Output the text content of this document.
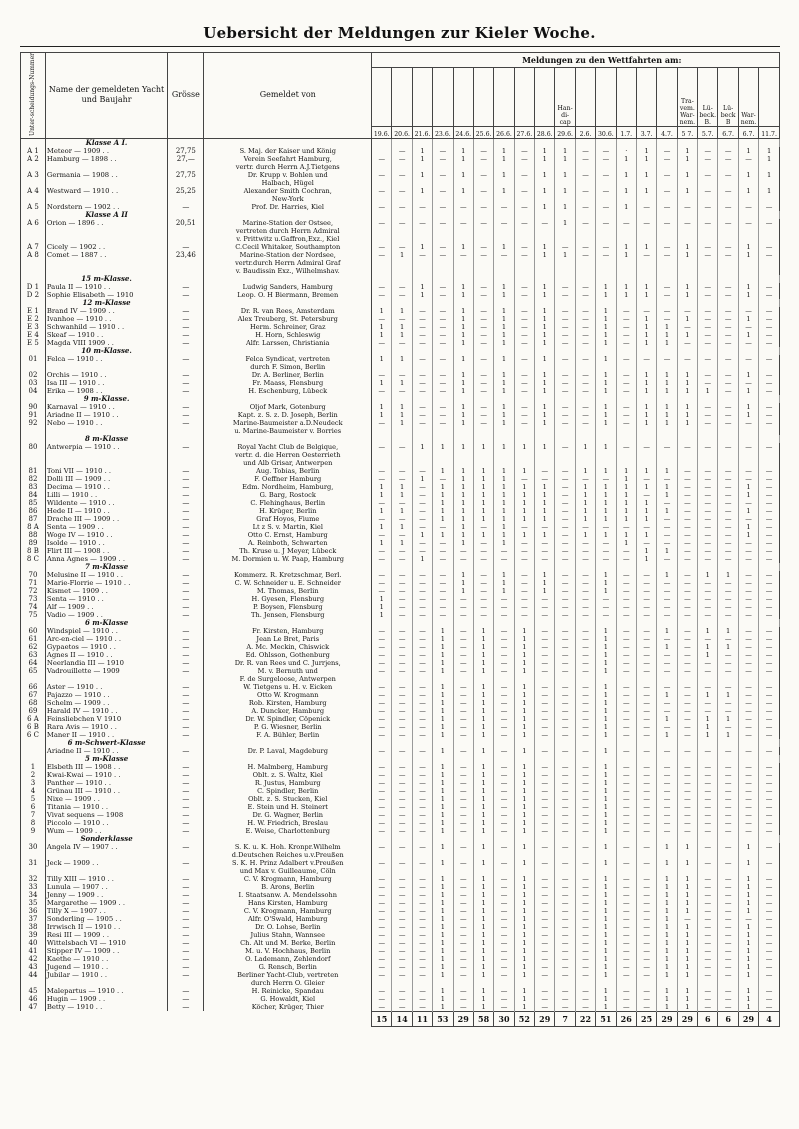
Uebersicht der Meldungen zur Kieler Woche.
Unter-scheidungs-Nummer	Name der gemeldeten Yacht und Baujahr	Grösse	Gemeldet von	Meldungen zu den Wettfahrten am:																			
													Han-di-cap						Tra-vem. War-nem.	Lü-beck. B.	Lü-beck B	War-nem.	
				19.6.	20.6.	21.6.	23.6.	24.6.	25.6.	26.6.	27.6.	28.6.	29.6.	2.6.	30.6.	1.7.	3.7.	4.7.	5 7.	5.7.	6.7.	6.7.	11.7.
	Klasse A I.																						
A 1	Meteor — 1909 . .	27,75	S. Maj. der Kaiser und König		—	1	—	1	—	1	—	1	1	—	—	·	1	—	1	—	—	1	1
A 2	Hamburg — 1898 . .	27,—	Verein Seefahrt Hamburg,	—	—	1	—	1	—	1	—	1	1	—	—	1	1	—	1	—	—	—	1
			vertr. durch Herrn A.J.Tietgens																				
A 3	Germania — 1908 . .	27,75	Dr. Krupp v. Bohlen und	—	—	1	—	1	—	1	—	1	1	—	—	1	1	—	1	—	—	1	1
			Halbach, Hügel																				
A 4	Westward — 1910 . .	25,25	Alexander Smith Cochran,	—	—	1	—	1	—	1	—	1	1	—	—	1	1	—	1	—	—	1	1
			New-York																				
A 5	Nordstern — 1902 . .	—	Prof. Dr. Harries, Kiel	—	—	—	—	—	—	—	—	1	1	—	—	1	—	—	—	—	—	—	—
	Klasse A II																						
A 6	Orion — 1896 . .	20,51	Marine-Station der Ostsee,	—	—	—	—	—	—	—	—	—	1	—	—	—	—	—	—	—	—	—	—
			vertreten durch Herrn Admiral																				
			v. Prittwitz u.Gaffron,Exz., Kiel																				
A 7	Cicely — 1902 . .	—	C.Cecil Whitaker, Southampton	—	—	1	—	1	—	1	—	1	—	—	—	1	1	—	1	—	—	1	—
A 8	Comet — 1887 . .	23,46	Marine-Station der Nordsee,	—	1	—	—	—	—	—	—	1	1	—	—	1	—	—	1	—	—	1	—
			vertr.durch Herrn Admiral Graf																				
			v. Baudissin Exz., Wilhelmshav.																				
	15 m-Klasse.																						
D 1	Paula II — 1910 . .	—	Ludwig Sanders, Hamburg	—	—	1	—	1	—	1	—	1	—	—	1	1	1	—	1	—	—	1	—
D 2	Sophie Elisabeth — 1910	—	Leop. O. H Biermann, Bremen	—	—	1	—	1	—	1	—	1	—	—	1	1	1	—	1	—	—	1	—
	12 m-Klasse																						
E 1	Brand IV — 1909 . .	—	Dr. R. van Rees, Amsterdam	1	1	—	—	1	—	1	—	1	—	—	1	—	—	—	—	—	—	—	—
E 2	Ivanhoe — 1910 . .	—	Alex Treuberg, St. Petersburg	—	—	—	—	1	—	1	—	1	—	—	1	—	1	—	1	—	—	1	—
E 3	Schwanhild — 1910 . .	—	Herm. Schreiner, Graz	1	1	—	—	1	—	1	—	1	—	—	1	—	1	1	—	—	—	—	—
E 4	Skeaf — 1910 . .	—	H. Horn, Schleswig	1	1	—	—	1	—	1	—	1	—	—	1	—	1	1	1	—	—	1	—
E 5	Magda VIII 1909 . .	—	Alfr. Larssen, Christiania	—	—	—	—	1	—	1	—	1	—	—	1	—	1	1	—	—	—	—	—
	10 m-Klasse.																						
01	Felca — 1910 . .	—	Felca Syndicat, vertreten	1	1	—	—	1	—	1	—	1	—	—	1	—	—	—	—	—	—	—	—
			durch F. Simon, Berlin																				
02	Orchis — 1910 . .	—	Dr. A. Berliner, Berlin	—	—	—	—	1	—	1	—	1	—	—	1	—	1	1	1	—	—	1	—
03	Isa III — 1910 . .	—	Fr. Maass, Flensburg	1	1	—	—	1	—	1	—	1	—	—	1	—	1	1	1	—	—	—	—
04	Erika — 1908 . .	—	H. Eschenburg, Lübeck	—	—	—	—	1	—	1	—	1	—	—	1	—	1	1	1	1	—	1	—
	9 m-Klasse.																						
90	Karnaval — 1910 . .	—	Oljof Mark, Gotenburg	1	1	—	—	1	—	1	—	1	—	—	1	—	1	1	1	—	—	1	—
91	Ariadne II — 1910 . .	—	Kapt. z. S. z. D. Joseph, Berlin	1	1	—	—	1	—	1	—	1	—	—	1	—	1	1	1	—	—	1	—
92	Nebo — 1910 . .	—	Marine-Baumeister a.D.Neudeck	—	1	—	—	1	—	1	—	1	—	—	1	—	1	1	1	—	—	—	—
			u. Marine-Baumeister v. Borries																				
	8 m-Klasse																						
80	Antwerpia — 1910 . .	—	Royal Yacht Club de Belgique,	—	—	1	1	1	1	1	1	1	—	1	1	—	—	—	—	—	—	—	—
			vertr. d. die Herren Oesterrieth																				
			und Alb Grisar, Antwerpen																				
81	Toni VII — 1910 . .	—	Aug. Tobias, Berlin	—	—	—	1	1	1	1	1	—	—	1	1	1	1	1	—	—	—	—	—
82	Dolli III — 1909 . .	—	F. Oeffner Hamburg	—	—	1	—	1	1	1	—	—	—	—	—	1	—	—	—	—	—	—	—
83	Decima — 1910 . .	—	Edm. Nordheim, Hamburg,	1	1	—	1	1	1	1	1	1	—	1	1	1	1	1	—	—	—	1	—
84	Lilli — 1910 . .	—	G. Barg, Rostock	1	1	—	1	1	1	1	1	1	—	1	1	1	—	1	—	—	—	1	—
85	Wildente — 1910 . .	—	C. Flehinghaus, Berlin	—	—	—	1	1	1	1	1	1	—	1	1	1	1	—	—	—	—	—	—
86	Hede II — 1910 . .	—	H. Krüger, Berlin	1	1	—	1	1	1	1	1	1	—	1	1	1	1	1	—	—	—	1	—
87	Drache III — 1909 . .	—	Graf Hoyos, Fiume	—	—	—	1	1	1	1	1	1	—	1	1	1	1	—	—	—	—	—	—
8 A	Senta — 1909 . .	—	Lt z S. v. Martin, Kiel	1	1	—	—	1	—	1	—	—	—	—	—	—	—	—	—	—	—	1	—
88	Woge IV — 1910 . .	—	Otto C. Ernst, Hamburg	—	—	1	1	1	1	1	1	1	—	1	1	1	1	—	—	—	—	1	—
89	Isolde — 1910 . .	—	A. Reinboth, Schwarten	1	1	—	—	1	—	1	—	—	—	—	—	1	—	—	—	—	—	—	—
8 B	Flirt III — 1908 . .	—	Th. Kruse u. J Meyer, Lübeck	—	—	—	—	—	—	—	—	—	—	—	—	—	1	1	—	—	—	—	—
8 C	Anna Agnes — 1909 . .	—	M. Dormien u. W. Paap, Hamburg	—	—	1	—	—	—	—	—	—	—	—	—	—	1	—	—	—	—	—	—
	7 m-Klasse																						
70	Melusine II — 1910 . .	—	Kommerz. R. Kretzschmar, Berl.	—	—	—	—	1	—	1	—	1	—	—	1	—	—	1	—	1	1	—	—
71	Marie-Florrie — 1910 . .	—	C. W. Schneider u. E. Schneider	—	—	—	—	1	—	1	—	1	—	—	1	—	—	—	—	—	—	—	—
72	Kismet — 1909 . .	—	M. Thomas, Berlin	—	—	—	—	1	—	1	—	1	—	—	1	—	—	—	—	—	—	—	—
73	Senta — 1910 . .	—	H. Gyesen, Flensburg	1	—	—	—	—	—	—	—	—	—	—	—	—	—	—	—	—	—	—	—
74	Alf — 1909 . .	—	P. Boysen, Flensburg	1	—	—	—	—	—	—	—	—	—	—	—	—	—	—	—	—	—	—	—
75	Vadio — 1909 . .	—	Th. Jensen, Flensburg	1	—	—	—	—	—	—	—	—	—	—	—	—	—	—	—	—	—	—	—
	6 m-Klasse																						
60	Windspiel — 1910 . .	—	Fr. Kirsten, Hamburg	—	—	—	1	—	1	—	1	—	—	—	1	—	—	1	—	1	1	—	—
61	Arc-en-ciel — 1910 . .	—	Jean Le Bret, Paris	—	—	—	1	—	1	—	1	—	—	—	1	—	—	—	—	—	—	—	—
62	Gypaetos — 1910 . .	—	A. Mc. Meckin, Chiswick	—	—	—	1	—	1	—	1	—	—	—	1	—	—	1	—	1	1	—	—
63	Agnes II — 1910 . .	—	Ed. Ohlsson, Gothenburg	—	—	—	1	—	1	—	1	—	—	—	1	—	—	—	—	1	—	—	—
64	Neerlandia III — 1910	—	Dr. R. van Rees und C. Jurrjens,	—	—	—	1	—	1	—	1	—	—	—	1	—	—	—	—	—	—	—	—
65	Vadrouillette — 1909	—	M. v. Bernuth und	—	—	—	1	—	1	—	1	—	—	—	1	—	—	—	—	—	—	—	—
			F. de Surgeloose, Antwerpen																				
66	Aster — 1910 . .	—	W. Tietgens u. H. v. Eicken	—	—	—	1	—	1	—	1	—	—	—	1	—	—	—	—	—	—	—	—
67	Pajazzo — 1910 . .	—	Otto W. Krogmann	—	—	—	1	—	1	—	1	—	—	—	1	—	—	1	—	1	1	—	—
68	Schelm — 1909 . .	—	Rob. Kirsten, Hamburg	—	—	—	1	—	1	—	1	—	—	—	1	—	—	—	—	—	—	—	—
69	Harald IV — 1910 . .	—	A. Duncker, Hamburg	—	—	—	1	—	1	—	1	—	—	—	1	—	—	—	—	—	—	—	—
6 A	Feinsliebchen V 1910	—	Dr. W. Spindler, Cöpenick	—	—	—	1	—	1	—	1	—	—	—	1	—	—	1	—	1	1	—	—
6 B	Rara Avis — 1910 . .	—	P. G. Wiesner, Berlin	—	—	—	1	—	1	—	1	—	—	—	1	—	—	—	—	1	—	—	—
6 C	Maner II — 1910 . .	—	F. A. Bühler, Berlin	—	—	—	1	—	1	—	1	—	—	—	1	—	—	1	—	1	1	—	—
	6 m-Schwert-Klasse																						
	Ariadne II — 1910 . .	—	Dr. P. Laval, Magdeburg	—	—	—	1	—	1	—	1	—	—	—	1	—	—	—	—	—	—	—	—
	5 m-Klasse																						
1	Elsbeth III — 1908 . .	—	H. Malmberg, Hamburg	—	—	—	1	—	1	—	1	—	—	—	1	—	—	—	—	—	—	—	—
2	Kwai-Kwai — 1910 . .	—	Oblt. z. S. Waltz, Kiel	—	—	—	1	—	1	—	1	—	—	—	1	—	—	—	—	—	—	—	—
3	Panther — 1910 . .	—	R. Justus, Hamburg	—	—	—	1	—	1	—	1	—	—	—	1	—	—	—	—	—	—	—	—
4	Grünau III — 1910 . .	—	C. Spindler, Berlin	—	—	—	1	—	1	—	1	—	—	—	1	—	—	—	—	—	—	—	—
5	Nixe — 1909 . .	—	Oblt. z. S. Stucken, Kiel	—	—	—	1	—	1	—	1	—	—	—	1	—	—	—	—	—	—	—	—
6	Titania — 1910 . .	—	E. Stein und H. Steinert	—	—	—	1	—	1	—	1	—	—	—	1	—	—	—	—	—	—	—	—
7	Vivat sequens — 1908	—	Dr. G. Wagner, Berlin	—	—	—	1	—	1	—	1	—	—	—	1	—	—	—	—	—	—	—	—
8	Piccolo — 1910 . .	—	H. W. Friedrich, Breslau	—	—	—	1	—	1	—	1	—	—	—	1	—	—	—	—	—	—	—	—
9	Wum — 1909 . .	—	E. Weise, Charlottenburg	—	—	—	1	—	1	—	1	—	—	—	1	—	—	—	—	—	—	—	—
	Sonderklasse																						
30	Angela IV — 1907 . .	—	S. K. u. K. Hoh. Kronpr.Wilhelm	—	—	—	1	—	1	—	1	—	—	—	1	—	—	1	1	—	—	1	—
			d.Deutschen Reiches u.v.Preußen																				
31	Jeck — 1909 . .	—	S. K. H. Prinz Adalbert v.Preußen	—	—	—	1	—	1	—	1	—	—	—	1	—	—	1	1	—	—	1	—
			und Max v. Guilleaume, Cöln																				
32	Tilly XIII — 1910 . .	—	C. V. Krogmann, Hamburg	—	—	—	1	—	1	—	1	—	—	—	1	—	—	1	1	—	—	1	—
33	Lunula — 1907 . .	—	B. Arons, Berlin	—	—	—	1	—	1	—	1	—	—	—	1	—	—	1	1	—	—	1	—
34	Jenny — 1909 . .	—	I. Staatsanw. A. Mendelssohn	—	—	—	1	—	1	—	1	—	—	—	1	—	—	1	1	—	—	1	—
35	Margarethe — 1909 . .	—	Hans Kirsten, Hamburg	—	—	—	1	—	1	—	1	—	—	—	1	—	—	1	1	—	—	1	—
36	Tilly X — 1907 . .	—	C. V. Krogmann, Hamburg	—	—	—	1	—	1	—	1	—	—	—	1	—	—	1	1	—	—	1	—
37	Sonderling — 1905 . .	—	Alfr. O'Swald, Hamburg	—	—	—	1	—	1	—	1	—	—	—	1	—	—	1	—	—	—	—	—
38	Irrwisch II — 1910 . .	—	Dr. O. Lohse, Berlin	—	—	—	1	—	1	—	1	—	—	—	1	—	—	1	1	—	—	1	—
39	Resi III — 1909 . .	—	Julius Stahn, Wannsee	—	—	—	1	—	1	—	1	—	—	—	1	—	—	1	1	—	—	1	—
40	Wittelsbach VI — 1910	—	Ch. Alt und M. Berke, Berlin	—	—	—	1	—	1	—	1	—	—	—	1	—	—	1	1	—	—	1	—
41	Stipper IV — 1909 . .	—	M. u. V. Hochhaus, Berlin	—	—	—	1	—	1	—	1	—	—	—	1	—	—	1	1	—	—	1	—
42	Kaethe — 1910 . .	—	O. Lademann, Zehlendorf	—	—	—	1	—	1	—	1	—	—	—	1	—	—	1	1	—	—	1	—
43	Jugend — 1910 . .	—	G. Rensch, Berlin	—	—	—	1	—	1	—	1	—	—	—	1	—	—	1	1	—	—	1	—
44	Jubilar — 1910 . .	—	Berliner Yacht-Club, vertreten	—	—	—	1	—	1	—	1	—	—	—	1	—	—	1	1	—	—	1	—
			durch Herrn O. Gleier																				
45	Malepartus — 1910 . .	—	H. Reinicke, Spandau	—	—	—	1	—	1	—	1	—	—	—	1	—	—	1	1	—	—	1	—
46	Hugin — 1909 . .	—	G. Howaldt, Kiel	—	—	—	1	—	1	—	1	—	—	—	1	—	—	1	1	—	—	1	—
47	Betty — 1910 . .	—	Köcher, Krüger, Thier	—	—	—	1	—	1	—	1	—	—	—	1	—	—	1	1	—	—	1	—
				15	14	11	53	29	58	30	52	29	7	22	51	26	25	29	29	6	6	29	4
